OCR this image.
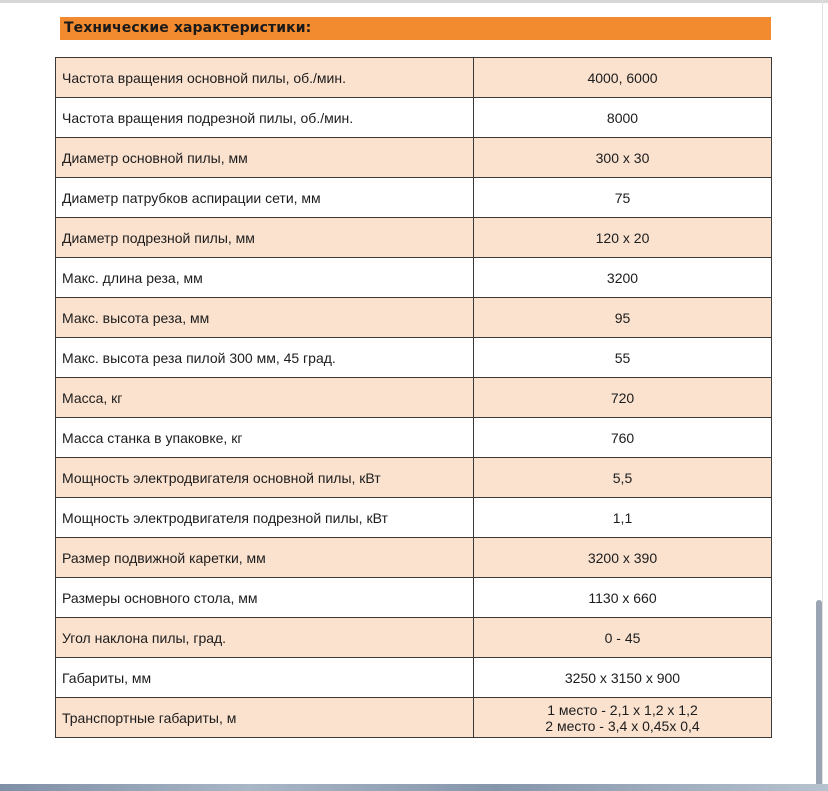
Технические характеристики:
Частота вращения основной пилы, об./мин.	4000, 6000
Частота вращения подрезной пилы, об./мин.	8000
Диаметр основной пилы, мм	300 х 30
Диаметр патрубков аспирации сети, мм	75
Диаметр подрезной пилы, мм	120 х 20
Макс. длина реза, мм	3200
Макс. высота реза, мм	95
Макс. высота реза пилой 300 мм, 45 град.	55
Масса, кг	720
Масса станка в упаковке, кг	760
Мощность электродвигателя основной пилы, кВт	5,5
Мощность электродвигателя подрезной пилы, кВт	1,1
Размер подвижной каретки, мм	3200 х 390
Размеры основного стола, мм	1130 х 660
Угол наклона пилы, град.	0 - 45
Габариты, мм	3250 х 3150 х 900
Транспортные габариты, м	1 место - 2,1 х 1,2 х 1,2
2 место - 3,4 х 0,45х 0,4
